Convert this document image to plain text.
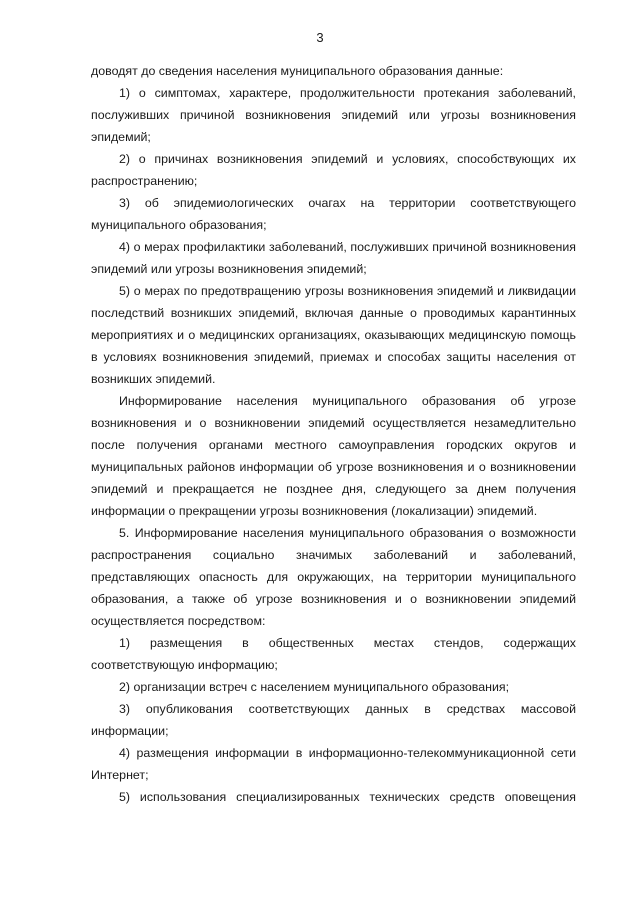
3

доводят до сведения населения муниципального образования данные:

1) о симптомах, характере, продолжительности протекания заболеваний, послуживших причиной возникновения эпидемий или угрозы возникновения эпидемий;

2) о причинах возникновения эпидемий и условиях, способствующих их распространению;

3) об эпидемиологических очагах на территории соответствующего муниципального образования;

4) о мерах профилактики заболеваний, послуживших причиной возникновения эпидемий или угрозы возникновения эпидемий;

5) о мерах по предотвращению угрозы возникновения эпидемий и ликвидации последствий возникших эпидемий, включая данные о проводимых карантинных мероприятиях и о медицинских организациях, оказывающих медицинскую помощь в условиях возникновения эпидемий, приемах и способах защиты населения от возникших эпидемий.

Информирование населения муниципального образования об угрозе возникновения и о возникновении эпидемий осуществляется незамедлительно после получения органами местного самоуправления городских округов и муниципальных районов информации об угрозе возникновения и о возникновении эпидемий и прекращается не позднее дня, следующего за днем получения информации о прекращении угрозы возникновения (локализации) эпидемий.

5. Информирование населения муниципального образования о возможности распространения социально значимых заболеваний и заболеваний, представляющих опасность для окружающих, на территории муниципального образования, а также об угрозе возникновения и о возникновении эпидемий осуществляется посредством:

1) размещения в общественных местах стендов, содержащих соответствующую информацию;

2) организации встреч с населением муниципального образования;

3) опубликования соответствующих данных в средствах массовой информации;

4) размещения информации в информационно-телекоммуникационной сети Интернет;

5) использования специализированных технических средств оповещения
